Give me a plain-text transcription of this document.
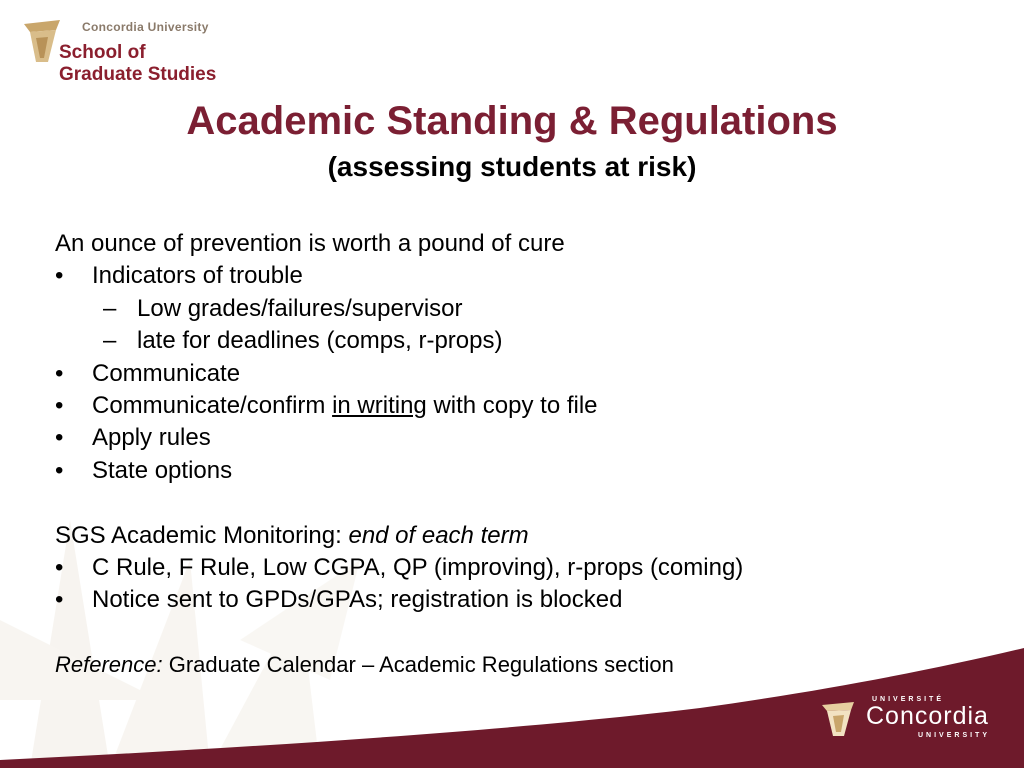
Concordia University
School of
Graduate Studies
Academic Standing & Regulations
(assessing students at risk)
An ounce of prevention is worth a pound of cure
• Indicators of trouble
– Low grades/failures/supervisor
– late for deadlines (comps, r-props)
• Communicate
• Communicate/confirm in writing with copy to file
• Apply rules
• State options
SGS Academic Monitoring: end of each term
• C Rule, F Rule, Low CGPA, QP (improving), r-props (coming)
• Notice sent to GPDs/GPAs; registration is blocked
Reference: Graduate Calendar – Academic Regulations section
UNIVERSITÉ
Concordia
UNIVERSITY
